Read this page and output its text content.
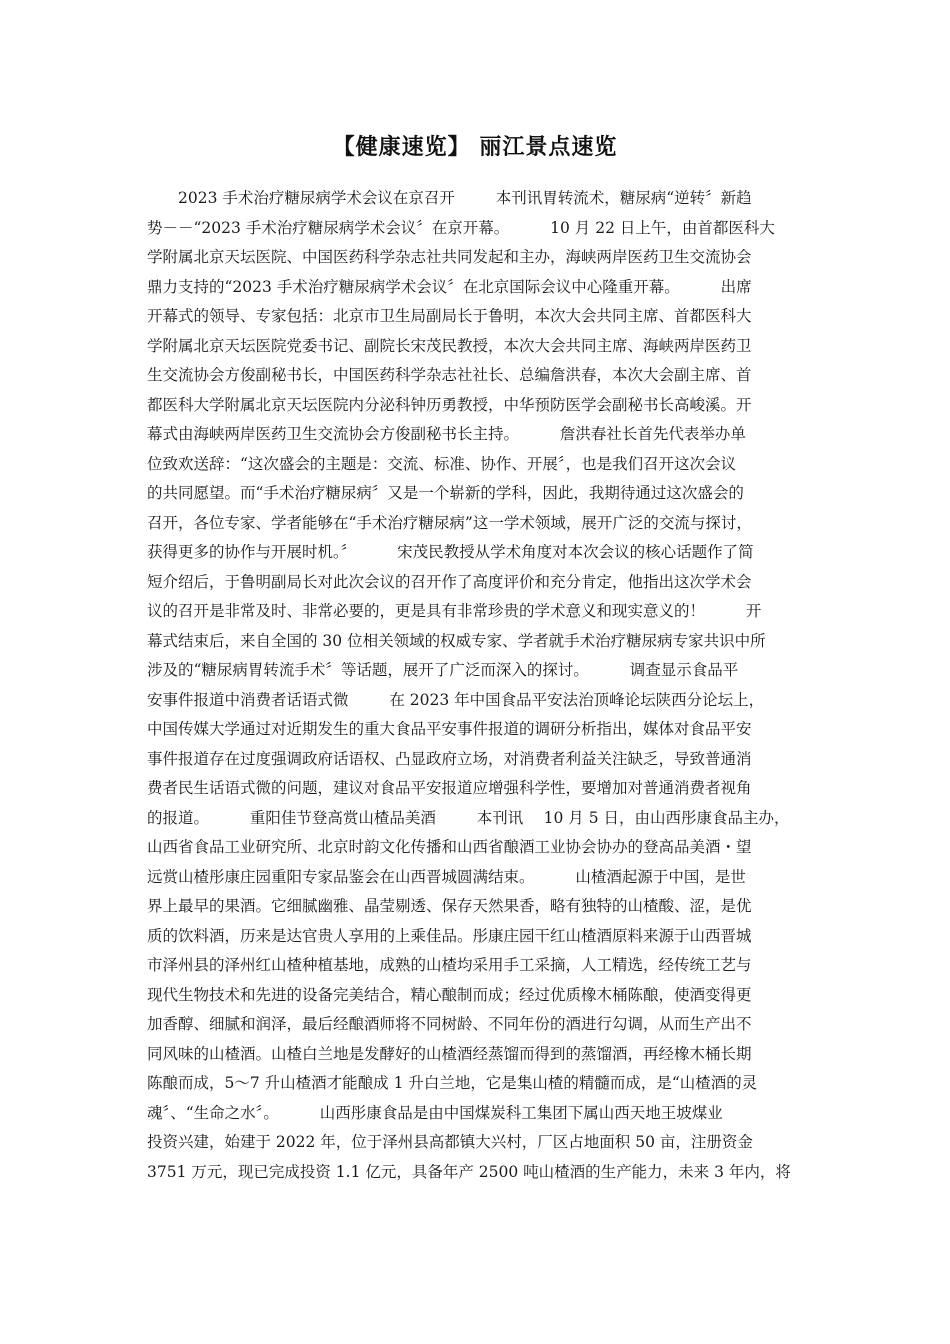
【健康速览】 丽江景点速览
2023 手术治疗糖尿病学术会议在京召开 　　 本刊讯胃转流术，糖尿病“逆转〞新趋
势－－“2023 手术治疗糖尿病学术会议〞在京开幕。 　　 10 月 22 日上午，由首都医科大
学附属北京天坛医院、中国医药科学杂志社共同发起和主办，海峡两岸医药卫生交流协会
鼎力支持的“2023 手术治疗糖尿病学术会议〞在北京国际会议中心隆重开幕。 　　 出席
开幕式的领导、专家包括：北京市卫生局副局长于鲁明，本次大会共同主席、首都医科大
学附属北京天坛医院党委书记、副院长宋茂民教授，本次大会共同主席、海峡两岸医药卫
生交流协会方俊副秘书长，中国医药科学杂志社社长、总编詹洪春，本次大会副主席、首
都医科大学附属北京天坛医院内分泌科钟历勇教授，中华预防医学会副秘书长高峻溪。开
幕式由海峡两岸医药卫生交流协会方俊副秘书长主持。 　　 詹洪春社长首先代表举办单
位致欢送辞：“这次盛会的主题是：交流、标准、协作、开展〞，也是我们召开这次会议
的共同愿望。而“手术治疗糖尿病〞又是一个崭新的学科，因此，我期待通过这次盛会的
召开，各位专家、学者能够在“手术治疗糖尿病”这一学术领域，展开广泛的交流与探讨，
获得更多的协作与开展时机。〞 　　 宋茂民教授从学术角度对本次会议的核心话题作了简
短介绍后，于鲁明副局长对此次会议的召开作了高度评价和充分肯定，他指出这次学术会
议的召开是非常及时、非常必要的，更是具有非常珍贵的学术意义和现实意义的！ 　　 开
幕式结束后，来自全国的 30 位相关领域的权威专家、学者就手术治疗糖尿病专家共识中所
涉及的“糖尿病胃转流手术〞等话题，展开了广泛而深入的探讨。 　　 调查显示食品平
安事件报道中消费者话语式微 　　 在 2023 年中国食品平安法治顶峰论坛陕西分论坛上，
中国传媒大学通过对近期发生的重大食品平安事件报道的调研分析指出，媒体对食品平安
事件报道存在过度强调政府话语权、凸显政府立场，对消费者利益关注缺乏，导致普通消
费者民生话语式微的问题，建议对食品平安报道应增强科学性，要增加对普通消费者视角
的报道。 　　 重阳佳节登高赏山楂品美酒 　　 本刊讯 　10 月 5 日，由山西彤康食品主办，
山西省食品工业研究所、北京时韵文化传播和山西省酿酒工业协会协办的登高品美酒・望
远赏山楂彤康庄园重阳专家品鉴会在山西晋城圆满结束。 　　 山楂酒起源于中国，是世
界上最早的果酒。它细腻幽雅、晶莹剔透、保存天然果香，略有独特的山楂酸、涩，是优
质的饮料酒，历来是达官贵人享用的上乘佳品。彤康庄园干红山楂酒原料来源于山西晋城
市泽州县的泽州红山楂种植基地，成熟的山楂均采用手工采摘，人工精选，经传统工艺与
现代生物技术和先进的设备完美结合，精心酿制而成；经过优质橡木桶陈酿，使酒变得更
加香醇、细腻和润泽，最后经酿酒师将不同树龄、不同年份的酒进行勾调，从而生产出不
同风味的山楂酒。山楂白兰地是发酵好的山楂酒经蒸馏而得到的蒸馏酒，再经橡木桶长期
陈酿而成，5～7 升山楂酒才能酿成 1 升白兰地，它是集山楂的精髓而成，是“山楂酒的灵
魂〞、“生命之水〞。 　　 山西彤康食品是由中国煤炭科工集团下属山西天地王坡煤业
投资兴建，始建于 2022 年，位于泽州县高都镇大兴村，厂区占地面积 50 亩，注册资金
3751 万元，现已完成投资 1.1 亿元，具备年产 2500 吨山楂酒的生产能力，未来 3 年内，将
